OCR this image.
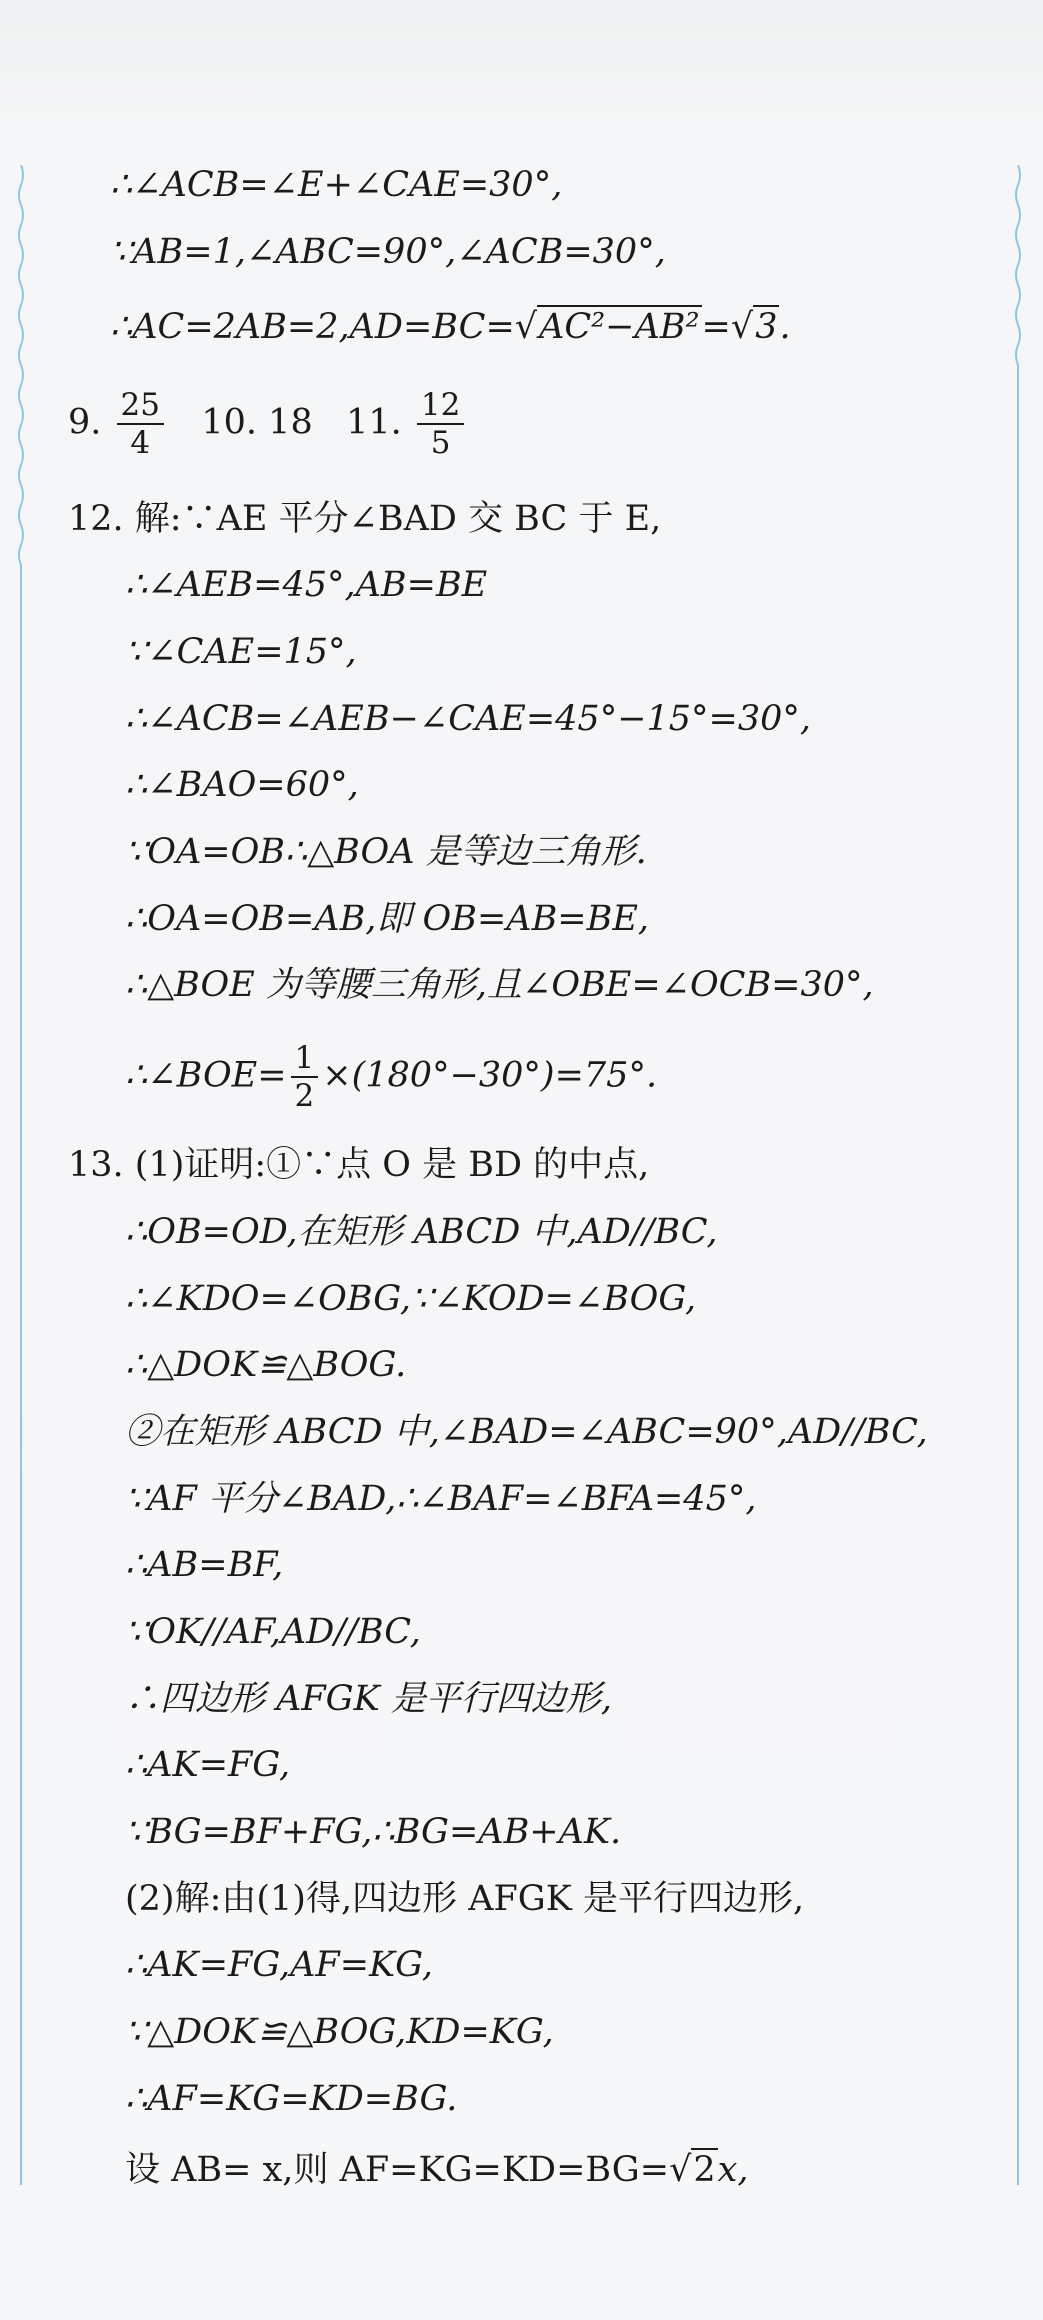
∴∠ACB=∠E+∠CAE=30°,
∵AB=1,∠ABC=90°,∠ACB=30°,
∴AC=2AB=2,AD=BC=√AC²−AB²=√3.
9. $\frac{25}{4} 10$. 18 11. $\frac{12}{5}$
12. 解:∵AE 平分∠BAD 交 BC 于 E,
∴∠AEB=45°,AB=BE
∵∠CAE=15°,
∴∠ACB=∠AEB−∠CAE=45°−15°=30°,
∴∠BAO=60°,
∵OA=OB∴△BOA 是等边三角形.
∴OA=OB=AB,即 OB=AB=BE,
∴△BOE 为等腰三角形,且∠OBE=∠OCB=30°,
∴∠BOE= $\frac{1}{2} \times(180^\circ-30^\circ)=75^\circ$.
13. (1)证明:①∵点 O 是 BD 的中点,
∴OB=OD,在矩形 ABCD 中,AD//BC,
∴∠KDO=∠OBG,∵∠KOD=∠BOG,
∴△DOK≌△BOG.
②在矩形 ABCD 中,∠BAD=∠ABC=90°,AD//BC,
∵AF 平分∠BAD,∴∠BAF=∠BFA=45°,
∴AB=BF,
∵OK//AF,AD//BC,
∴四边形 AFGK 是平行四边形,
∴AK=FG,
∵BG=BF+FG,∴BG=AB+AK.
(2)解:由(1)得,四边形 AFGK 是平行四边形,
∴AK=FG,AF=KG,
∵△DOK≌△BOG,KD=KG,
∴AF=KG=KD=BG.
设 AB= x,则 AF=KG=KD=BG=√2x,
